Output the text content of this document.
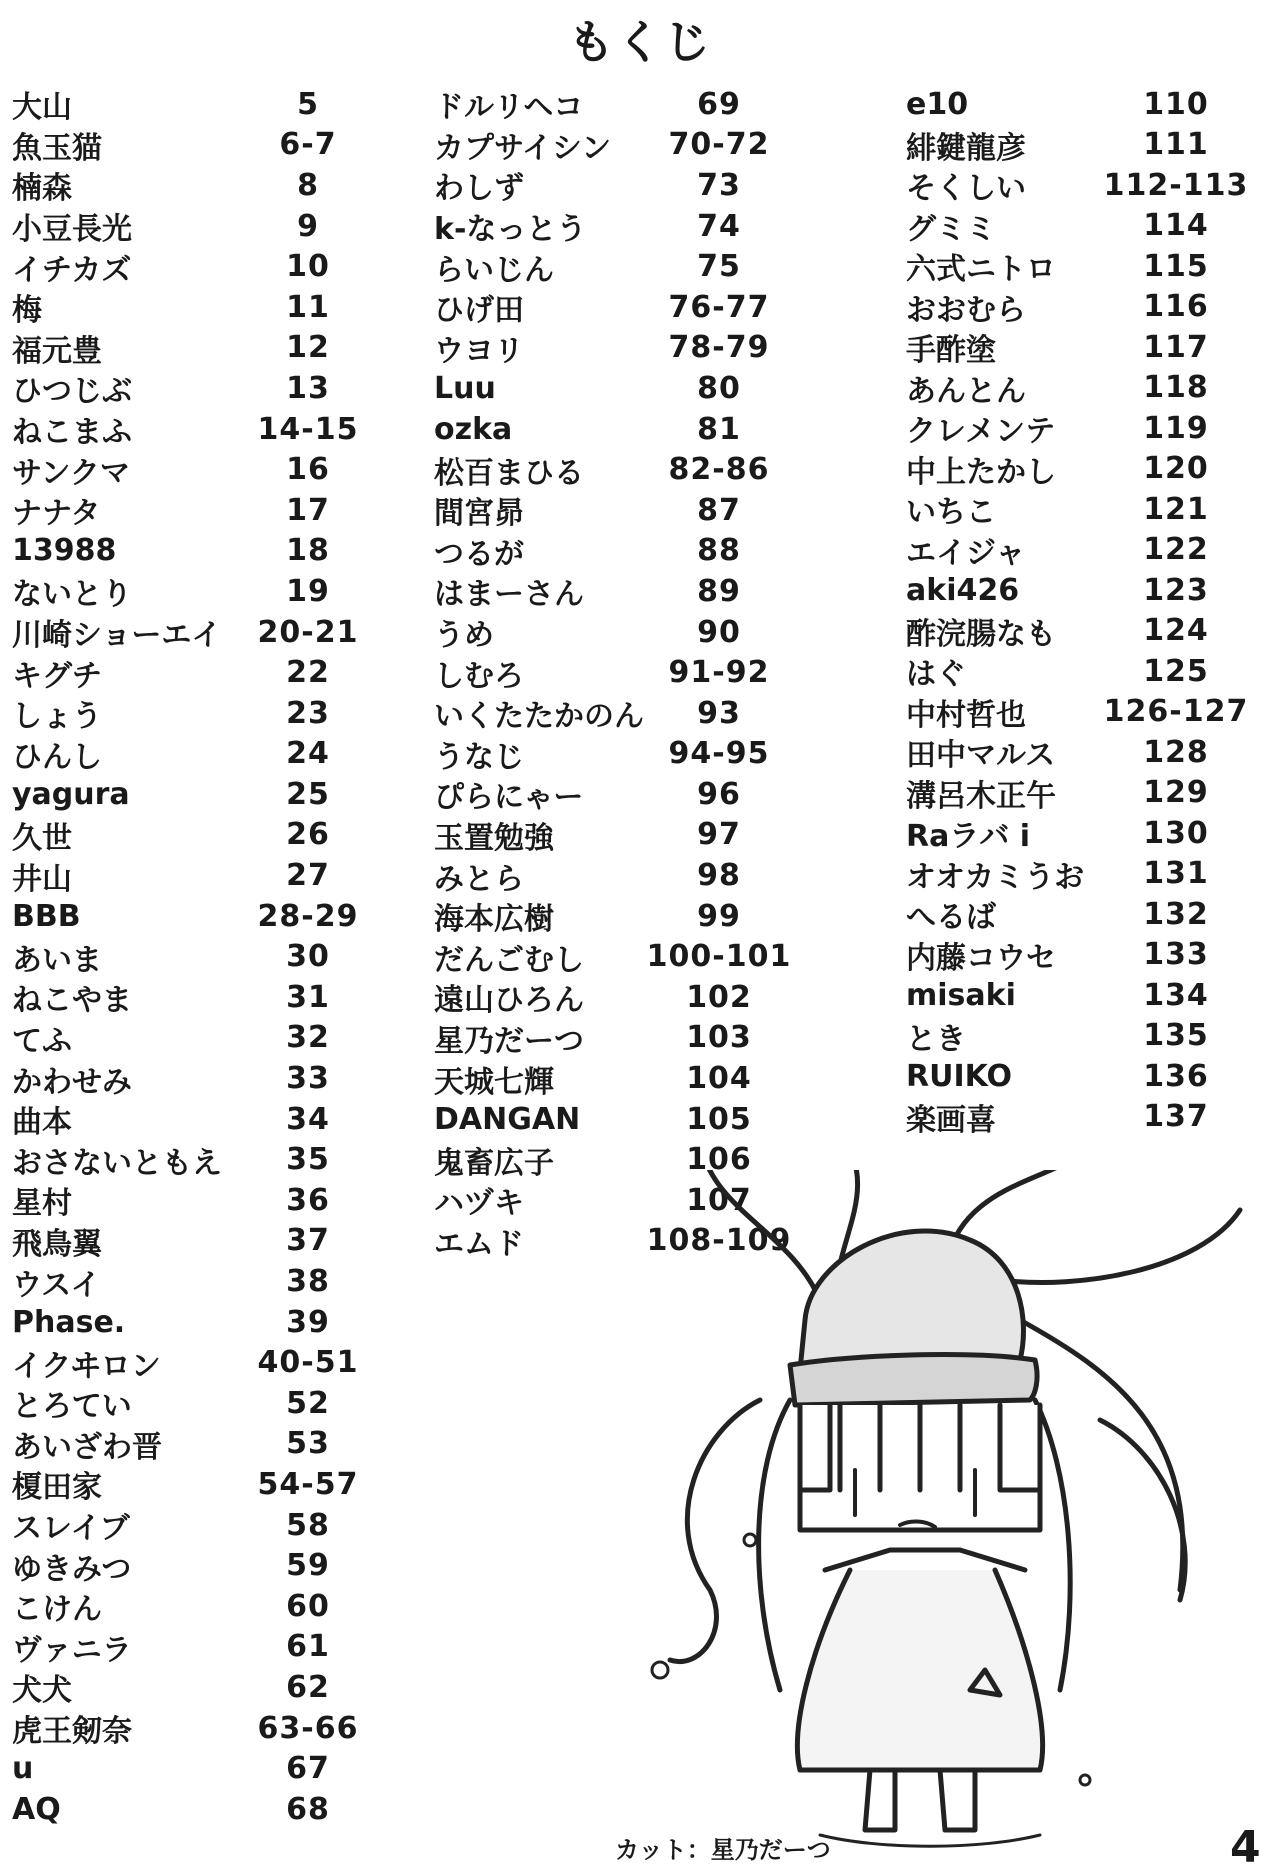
もくじ
大山	5
魚玉猫	6-7
楠森	8
小豆長光	9
イチカズ	10
梅	11
福元豊	12
ひつじぶ	13
ねこまふ	14-15
サンクマ	16
ナナタ	17
13988	18
ないとり	19
川崎ショーエイ	20-21
キグチ	22
しょう	23
ひんし	24
yagura	25
久世	26
井山	27
BBB	28-29
あいま	30
ねこやま	31
てふ	32
かわせみ	33
曲本	34
おさないともえ	35
星村	36
飛鳥翼	37
ウスイ	38
Phase.	39
イクヰロン	40-51
とろてい	52
あいざわ晋	53
榎田家	54-57
スレイブ	58
ゆきみつ	59
こけん	60
ヴァニラ	61
犬犬	62
虎王剱奈	63-66
u	67
AQ	68
ドルリヘコ	69
カプサイシン	70-72
わしず	73
k-なっとう	74
らいじん	75
ひげ田	76-77
ウヨリ	78-79
Luu	80
ozka	81
松百まひる	82-86
間宮昴	87
つるが	88
はまーさん	89
うめ	90
しむろ	91-92
いくたたかのん	93
うなじ	94-95
ぴらにゃー	96
玉置勉強	97
みとら	98
海本広樹	99
だんごむし	100-101
遠山ひろん	102
星乃だーつ	103
天城七輝	104
DANGAN	105
鬼畜広子	106
ハヅキ	107
エムド	108-109
e10	110
緋鍵龍彦	111
そくしい	112-113
グミミ	114
六式ニトロ	115
おおむら	116
手酢塗	117
あんとん	118
クレメンテ	119
中上たかし	120
いちこ	121
エイジャ	122
aki426	123
酢浣腸なも	124
はぐ	125
中村哲也	126-127
田中マルス	128
溝呂木正午	129
Raラバ i	130
オオカミうお	131
へるば	132
内藤コウセ	133
misaki	134
とき	135
RUIKO	136
楽画喜	137
カット：星乃だーつ	4
